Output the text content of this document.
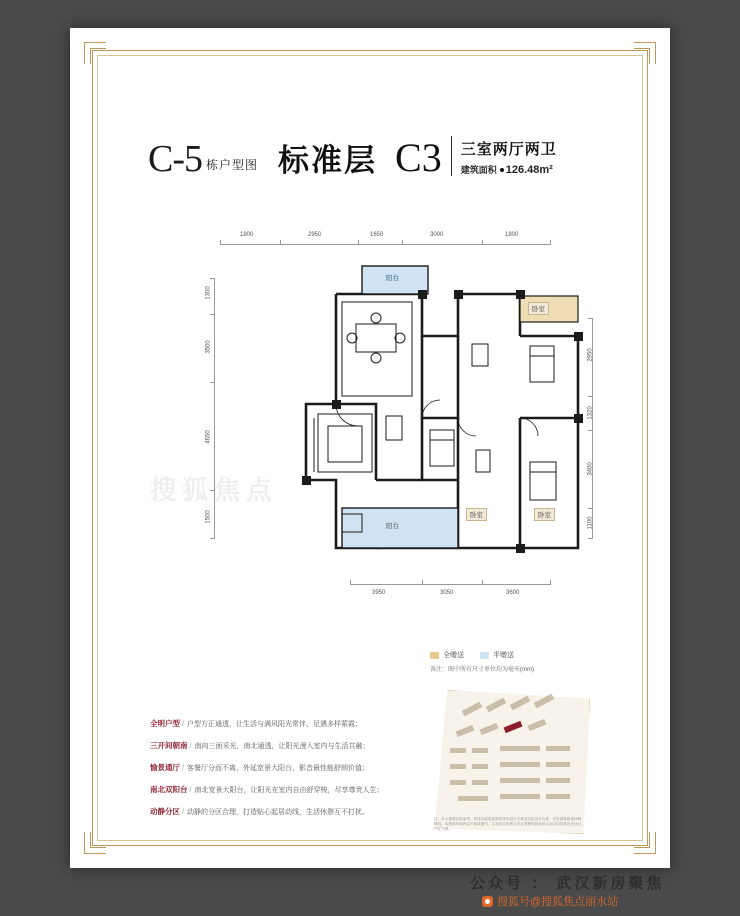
C-5 栋户型图 标准层 C3 三室两厅两卫
建筑面积 126.48m²
1800	2950	1650	3000	1800
1300
3500
4650
1500
2950
1320
3400
1100
3950	3050	3600
阳台
卧室
阳台
卧室	卧室
全赠送	半赠送
备注：图中所有尺寸单位均为毫米(mm)
全明户型 / 户型方正通透，让生活与满风阳光常伴，足遇多样萦霞；
三开间朝南 / 南向三面采光，南北通透，让阳光漫入室内与生活共融；
愉景通厅 / 客餐厅分而不离，外延宽景大阳台，影音最性能舒朗价值；
南北双阳台 / 南北宽景大阳台，让阳光在室内自由舒穿梭，尽享尊贵人生；
动静分区 / 动静的分区合理，打造贴心起居动线，生活休憩互不打扰。
注：本示意图仅供参考，具体以政府批准的规划设计方案及实际交付为准，开发商保留最终解释权。本资料所载内容不构成要约，买卖双方权利义务以签署的商品房买卖合同及其补充协议约定为准。
公众号 ： 武汉新房聚焦
搜狐号@搜狐焦点丽水站
